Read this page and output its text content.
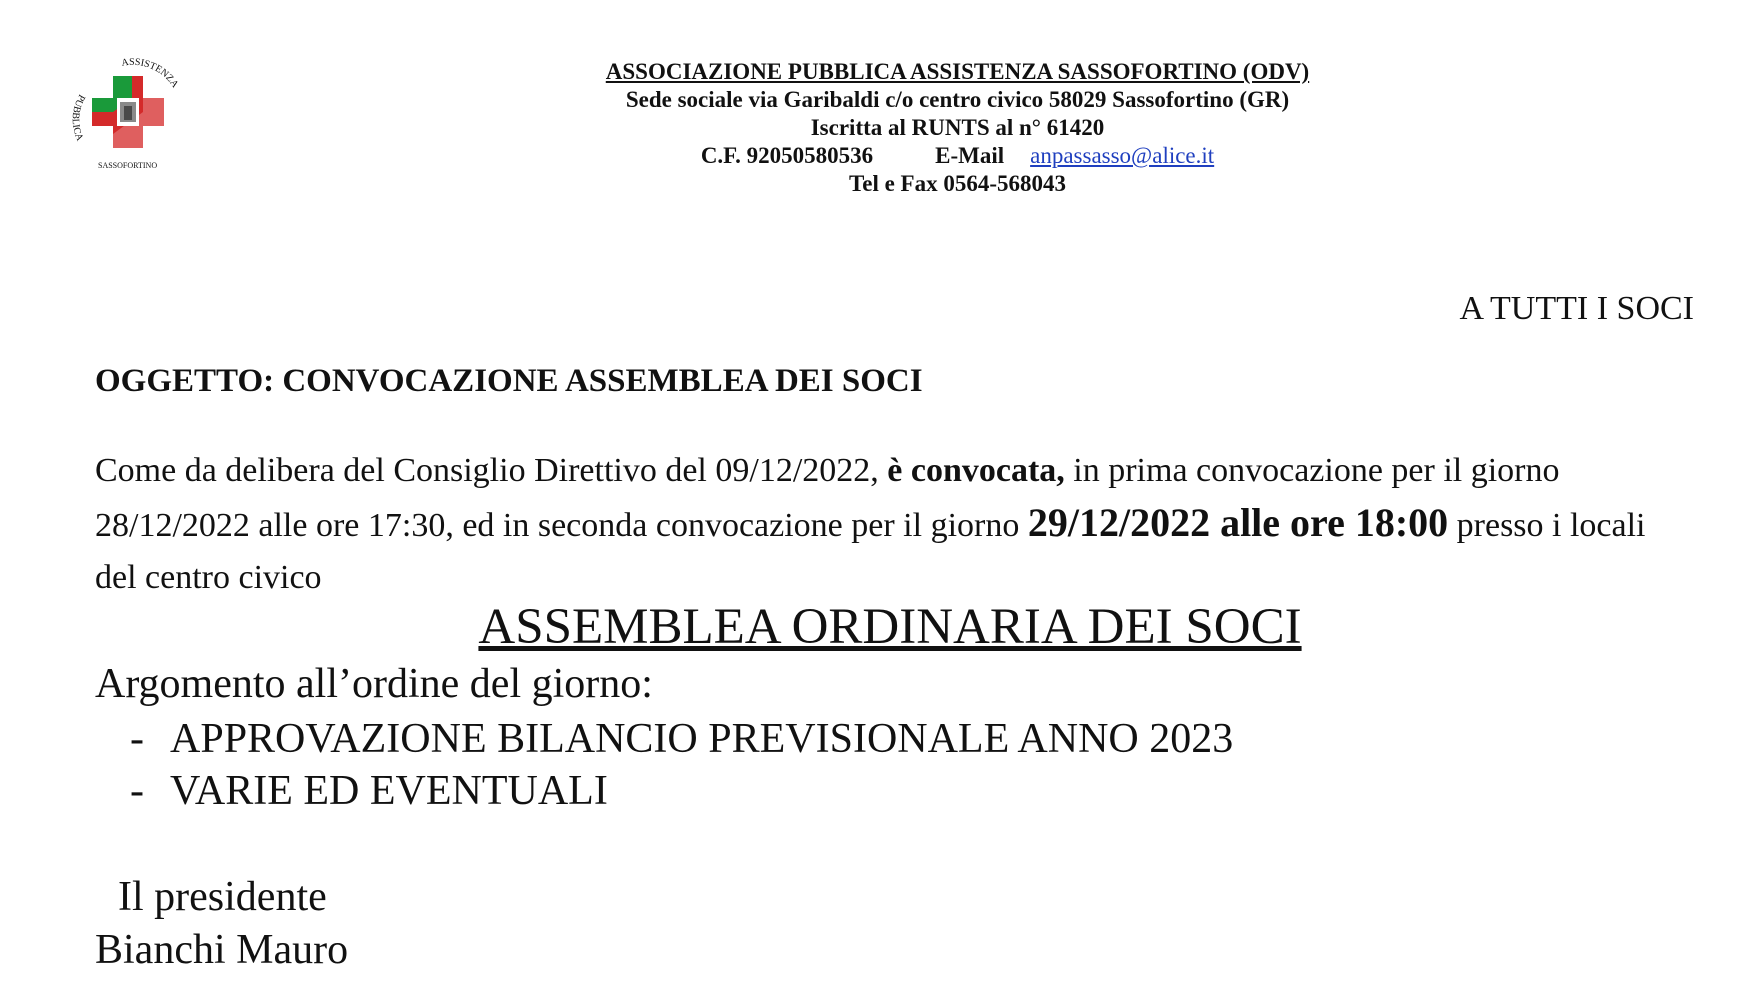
ASSISTENZA
PUBBLICA
SASSOFORTINO
ASSOCIAZIONE PUBBLICA ASSISTENZA SASSOFORTINO (ODV)
Sede sociale via Garibaldi c/o centro civico 58029 Sassofortino (GR)
Iscritta al RUNTS al n° 61420
C.F. 92050580536	E-Mail anpassasso@alice.it
Tel e Fax 0564-568043
A TUTTI I SOCI
OGGETTO: CONVOCAZIONE ASSEMBLEA DEI SOCI
Come da delibera del Consiglio Direttivo del 09/12/2022, è convocata, in prima convocazione per il giorno 28/12/2022 alle ore 17:30, ed in seconda convocazione per il giorno 29/12/2022 alle ore 18:00 presso i locali del centro civico
ASSEMBLEA ORDINARIA DEI SOCI
Argomento all’ordine del giorno:
- APPROVAZIONE BILANCIO PREVISIONALE ANNO 2023
- VARIE ED EVENTUALI
Il presidente
Bianchi Mauro
